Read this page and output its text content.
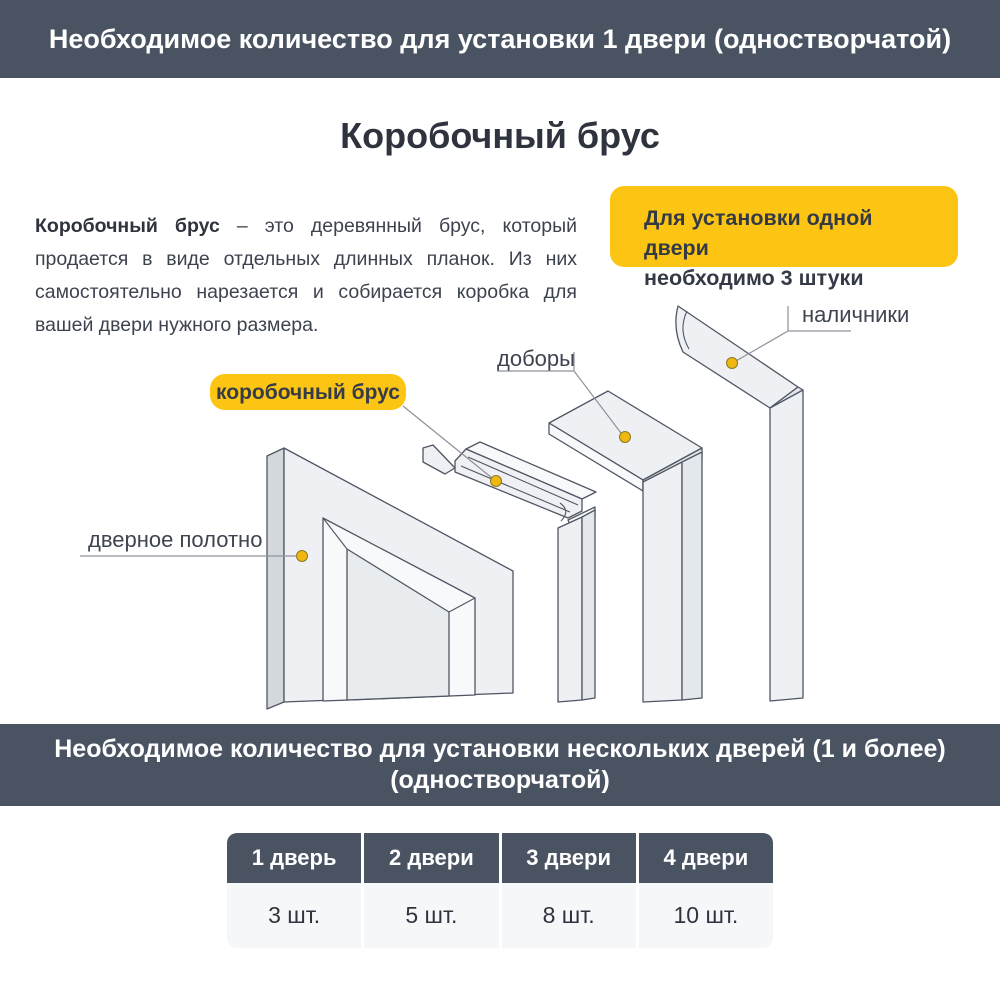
Необходимое количество для установки 1 двери (одностворчатой)
Коробочный брус

Коробочный брус – это деревянный брус, который продается в виде отдельных длинных планок. Из них самостоятельно нарезается и собирается коробка для вашей двери нужного размера.

Для установки одной двери
необходимо 3 штуки
коробочный брус
дверное полотно
доборы
наличники
Необходимое количество для установки нескольких дверей (1 и более)
(одностворчатой)
1 дверь	2 двери	3 двери	4 двери
3 шт.	5 шт.	8 шт.	10 шт.
